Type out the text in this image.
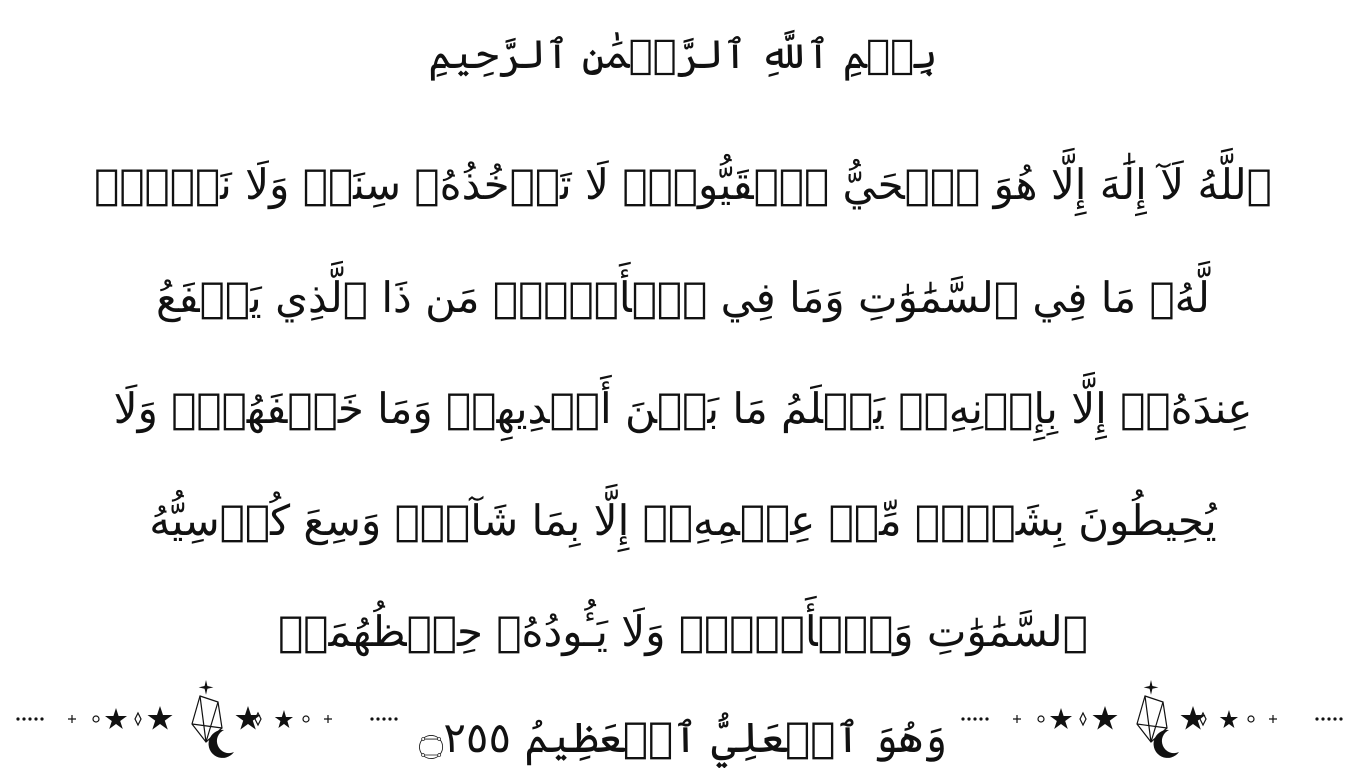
بِسۡمِ ٱللَّهِ ٱلرَّحۡمَٰنِ ٱلرَّحِيمِ
ٱللَّهُ لَآ إِلَٰهَ إِلَّا هُوَ ٱلۡحَيُّ ٱلۡقَيُّومُۚ لَا تَأۡخُذُهُۥ سِنَةٞ وَلَا نَوۡمٞۚ
لَّهُۥ مَا فِي ٱلسَّمَٰوَٰتِ وَمَا فِي ٱلۡأَرۡضِۗ مَن ذَا ٱلَّذِي يَشۡفَعُ
عِندَهُۥٓ إِلَّا بِإِذۡنِهِۦۚ يَعۡلَمُ مَا بَيۡنَ أَيۡدِيهِمۡ وَمَا خَلۡفَهُمۡۖ وَلَا
يُحِيطُونَ بِشَيۡءٖ مِّنۡ عِلۡمِهِۦٓ إِلَّا بِمَا شَآءَۚ وَسِعَ كُرۡسِيُّهُ
ٱلسَّمَٰوَٰتِ وَٱلۡأَرۡضَۖ وَلَا يَـُٔودُهُۥ حِفۡظُهُمَاۚ
وَهُوَ ٱلۡعَلِيُّ ٱلۡعَظِيمُ ۝٢٥٥
